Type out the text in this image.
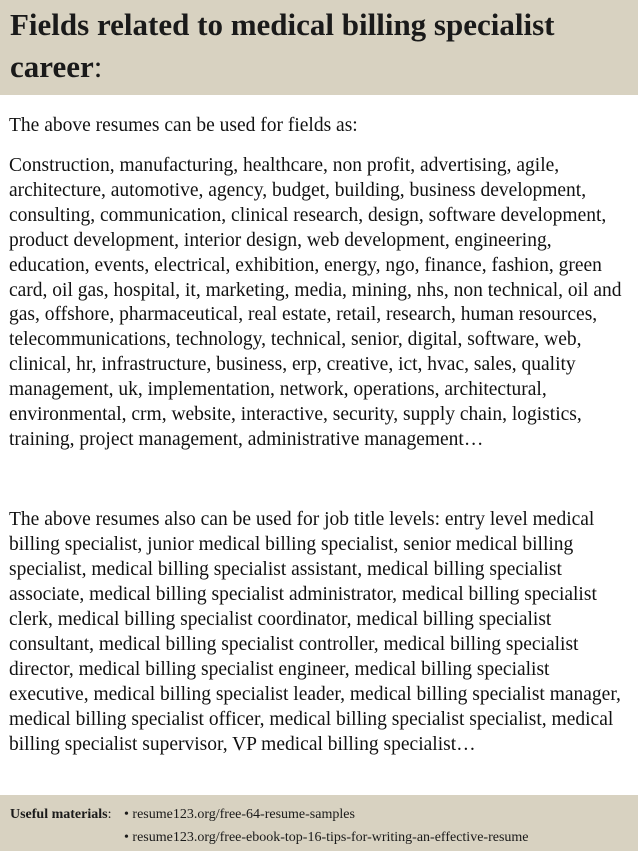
Fields related to medical billing specialist career:

The above resumes can be used for fields as:

Construction, manufacturing, healthcare, non profit, advertising, agile, architecture, automotive, agency, budget, building, business development, consulting, communication, clinical research, design, software development, product development, interior design, web development, engineering, education, events, electrical, exhibition, energy, ngo, finance, fashion, green card, oil gas, hospital, it, marketing, media, mining, nhs, non technical, oil and gas, offshore, pharmaceutical, real estate, retail, research, human resources, telecommunications, technology, technical, senior, digital, software, web, clinical, hr, infrastructure, business, erp, creative, ict, hvac, sales, quality management, uk, implementation, network, operations, architectural, environmental, crm, website, interactive, security, supply chain, logistics, training, project management, administrative management…

The above resumes also can be used for job title levels: entry level medical billing specialist, junior medical billing specialist, senior medical billing specialist, medical billing specialist assistant, medical billing specialist associate, medical billing specialist administrator, medical billing specialist clerk, medical billing specialist coordinator, medical billing specialist consultant, medical billing specialist controller, medical billing specialist director, medical billing specialist engineer, medical billing specialist executive, medical billing specialist leader, medical billing specialist manager, medical billing specialist officer, medical billing specialist specialist, medical billing specialist supervisor, VP medical billing specialist…

Useful materials: • resume123.org/free-64-resume-samples
• resume123.org/free-ebook-top-16-tips-for-writing-an-effective-resume
